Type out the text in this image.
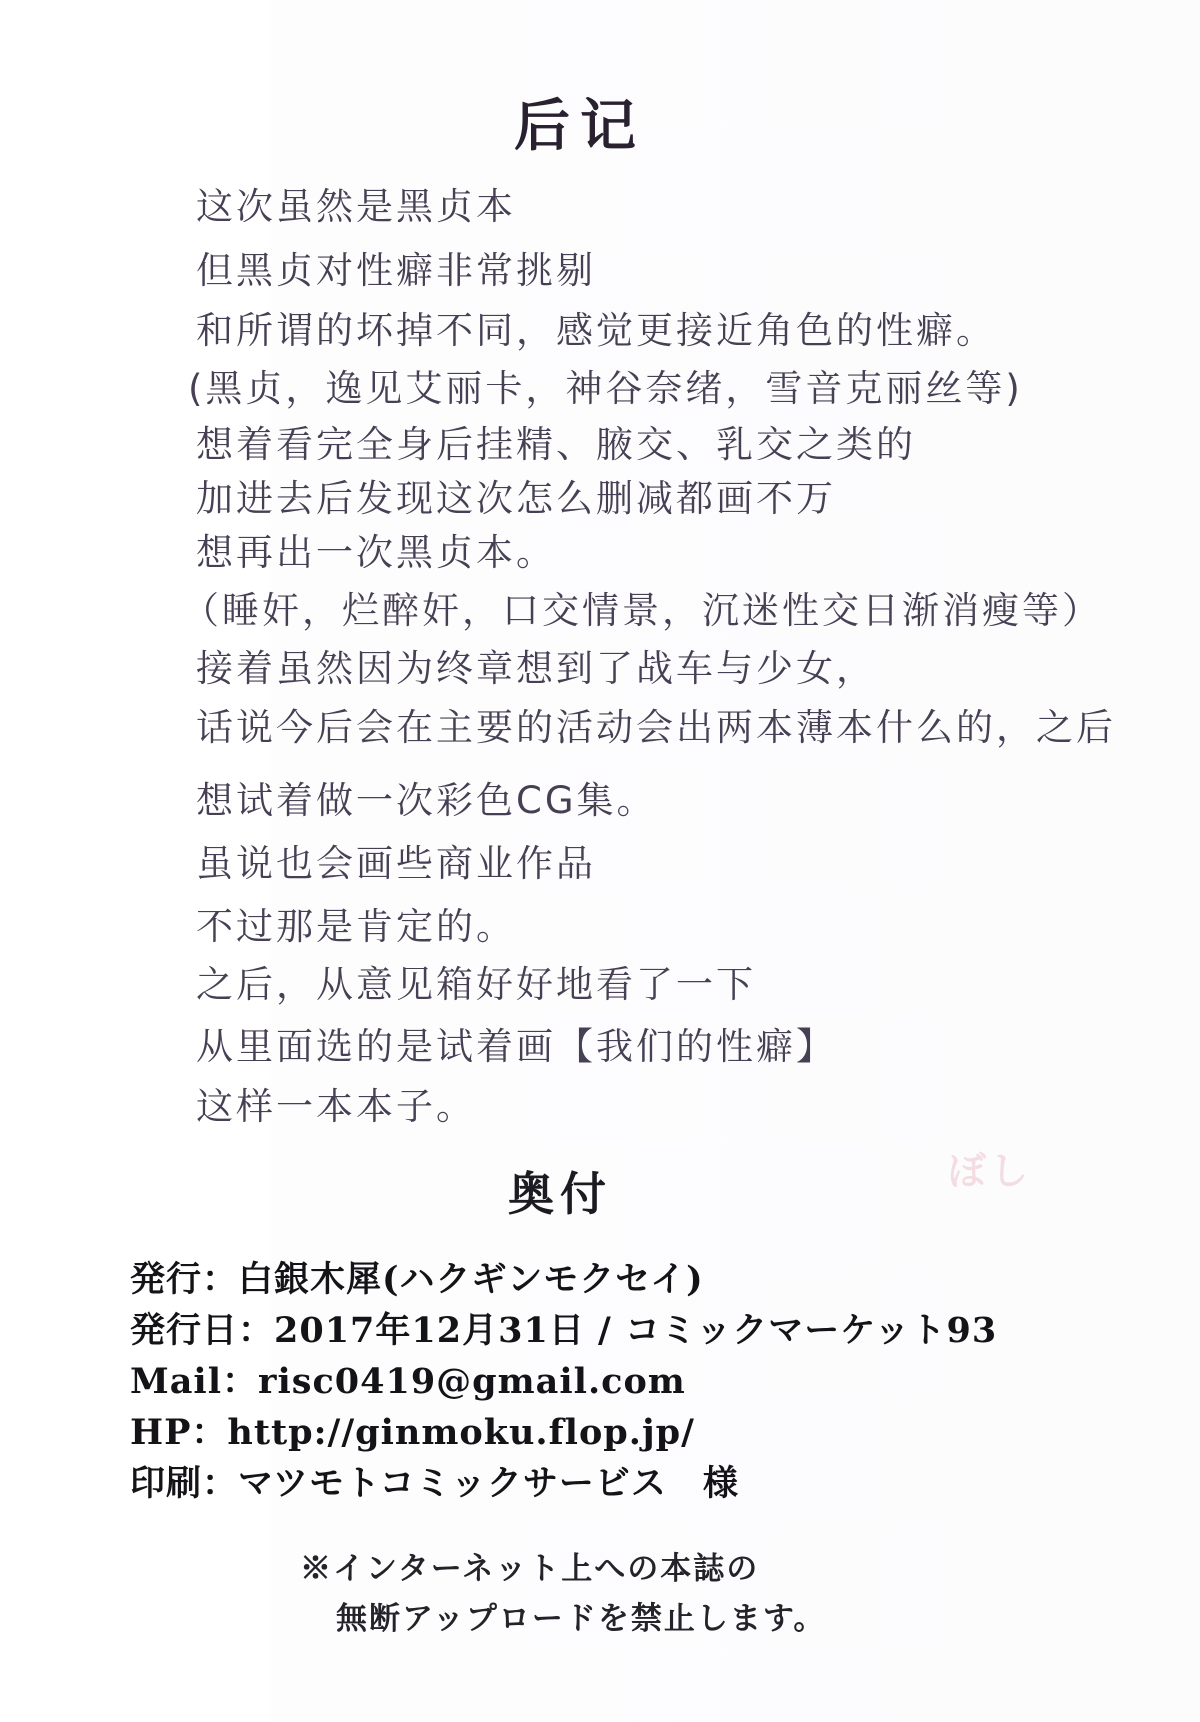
后记
这次虽然是黑贞本
但黑贞对性癖非常挑剔
和所谓的坏掉不同，感觉更接近角色的性癖。
(黑贞，逸见艾丽卡，神谷奈绪，雪音克丽丝等)
想着看完全身后挂精、腋交、乳交之类的
加进去后发现这次怎么删减都画不万
想再出一次黑贞本。
（睡奸，烂醉奸，口交情景，沉迷性交日渐消瘦等）
接着虽然因为终章想到了战车与少女，
话说今后会在主要的活动会出两本薄本什么的，之后
想试着做一次彩色CG集。
虽说也会画些商业作品
不过那是肯定的。
之后，从意见箱好好地看了一下
从里面选的是试着画【我们的性癖】
这样一本本子。
ぼし
奥付
発行：白銀木犀(ハクギンモクセイ)
発行日：2017年12月31日 / コミックマーケット93
Mail：risc0419@gmail.com
HP：http://ginmoku.flop.jp/
印刷：マツモトコミックサービス　様
※インターネット上への本誌の
無断アップロードを禁止します。
